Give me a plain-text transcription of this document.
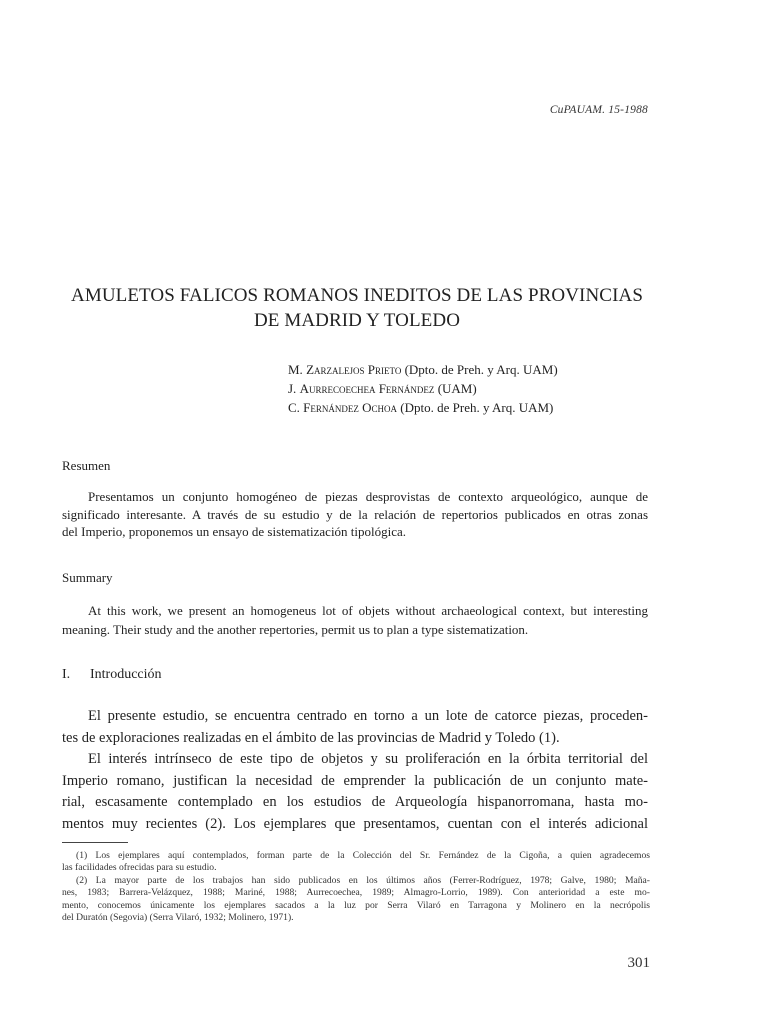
CuPAUAM. 15-1988
AMULETOS FALICOS ROMANOS INEDITOS DE LAS PROVINCIAS
DE MADRID Y TOLEDO
M. Zarzalejos Prieto (Dpto. de Preh. y Arq. UAM)
J. Aurrecoechea Fernández (UAM)
C. Fernández Ochoa (Dpto. de Preh. y Arq. UAM)
Resumen
Presentamos un conjunto homogéneo de piezas desprovistas de contexto arqueológico, aunque de
significado interesante. A través de su estudio y de la relación de repertorios publicados en otras zonas
del Imperio, proponemos un ensayo de sistematización tipológica.
Summary
At this work, we present an homogeneus lot of objets without archaeological context, but interesting
meaning. Their study and the another repertories, permit us to plan a type sistematization.
I. Introducción
El presente estudio, se encuentra centrado en torno a un lote de catorce piezas, proceden-
tes de exploraciones realizadas en el ámbito de las provincias de Madrid y Toledo (1).
El interés intrínseco de este tipo de objetos y su proliferación en la órbita territorial del
Imperio romano, justifican la necesidad de emprender la publicación de un conjunto mate-
rial, escasamente contemplado en los estudios de Arqueología hispanorromana, hasta mo-
mentos muy recientes (2). Los ejemplares que presentamos, cuentan con el interés adicional
(1) Los ejemplares aquí contemplados, forman parte de la Colección del Sr. Fernández de la Cigoña, a quien agradecemos
las facilidades ofrecidas para su estudio.
(2) La mayor parte de los trabajos han sido publicados en los últimos años (Ferrer-Rodríguez, 1978; Galve, 1980; Maña-
nes, 1983; Barrera-Velázquez, 1988; Mariné, 1988; Aurrecoechea, 1989; Almagro-Lorrio, 1989). Con anterioridad a este mo-
mento, conocemos únicamente los ejemplares sacados a la luz por Serra Vilaró en Tarragona y Molinero en la necrópolis
del Duratón (Segovia) (Serra Vilaró, 1932; Molinero, 1971).
301
